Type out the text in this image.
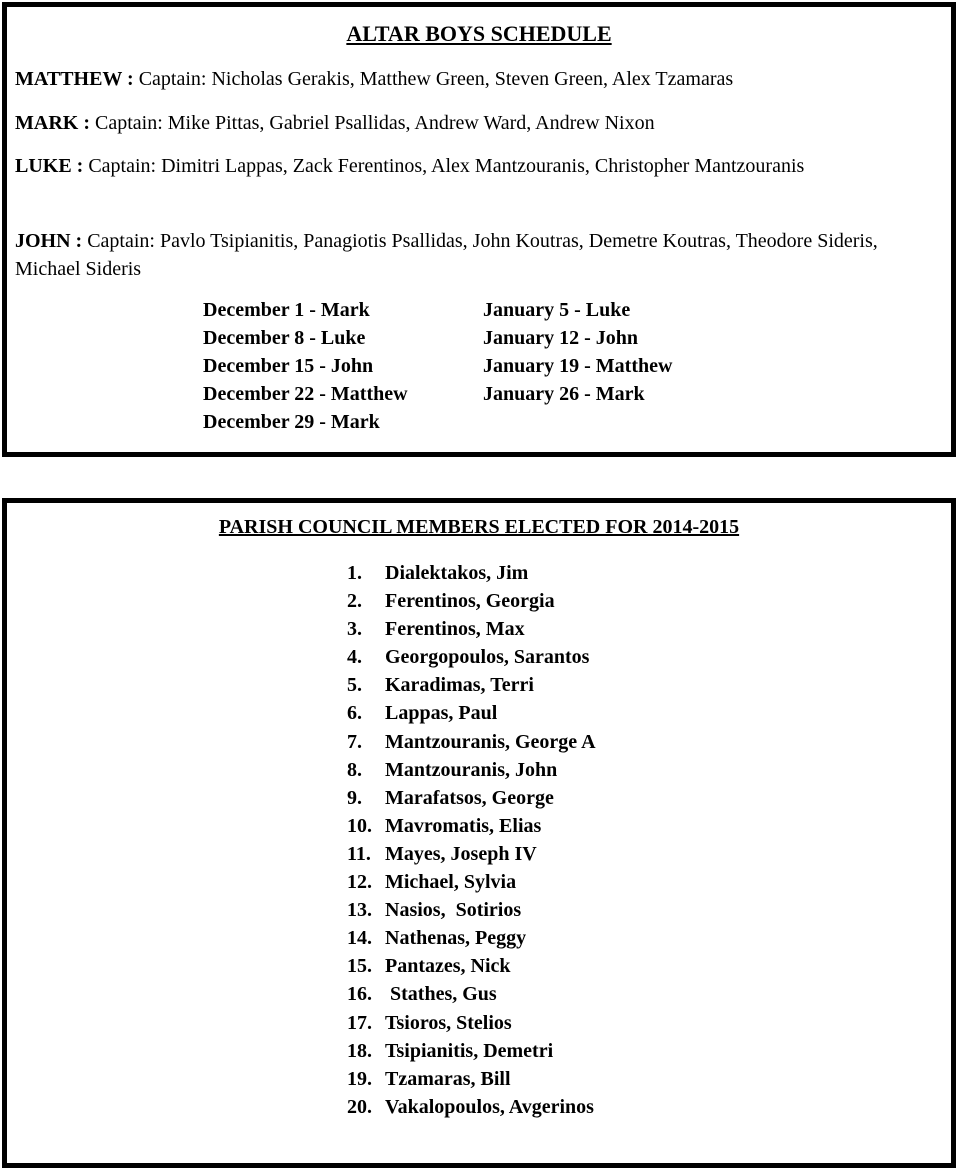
ALTAR BOYS SCHEDULE

MATTHEW : Captain: Nicholas Gerakis, Matthew Green, Steven Green, Alex Tzamaras

MARK : Captain: Mike Pittas, Gabriel Psallidas, Andrew Ward, Andrew Nixon

LUKE : Captain: Dimitri Lappas, Zack Ferentinos, Alex Mantzouranis, Christopher Mantzouranis

JOHN : Captain: Pavlo Tsipianitis, Panagiotis Psallidas, John Koutras, Demetre Koutras, Theodore Sideris, Michael Sideris

December 1 - Mark
December 8 - Luke
December 15 - John
December 22 - Matthew
December 29 - Mark
January 5 - Luke
January 12 - John
January 19 - Matthew
January 26 - Mark
PARISH COUNCIL MEMBERS ELECTED FOR 2014-2015
1. Dialektakos, Jim
2. Ferentinos, Georgia
3. Ferentinos, Max
4. Georgopoulos, Sarantos
5. Karadimas, Terri
6. Lappas, Paul
7. Mantzouranis, George A
8. Mantzouranis, John
9. Marafatsos, George
10. Mavromatis, Elias
11. Mayes, Joseph IV
12. Michael, Sylvia
13. Nasios,  Sotirios
14. Nathenas, Peggy
15. Pantazes, Nick
16. Stathes, Gus
17. Tsioros, Stelios
18. Tsipianitis, Demetri
19. Tzamaras, Bill
20. Vakalopoulos, Avgerinos
